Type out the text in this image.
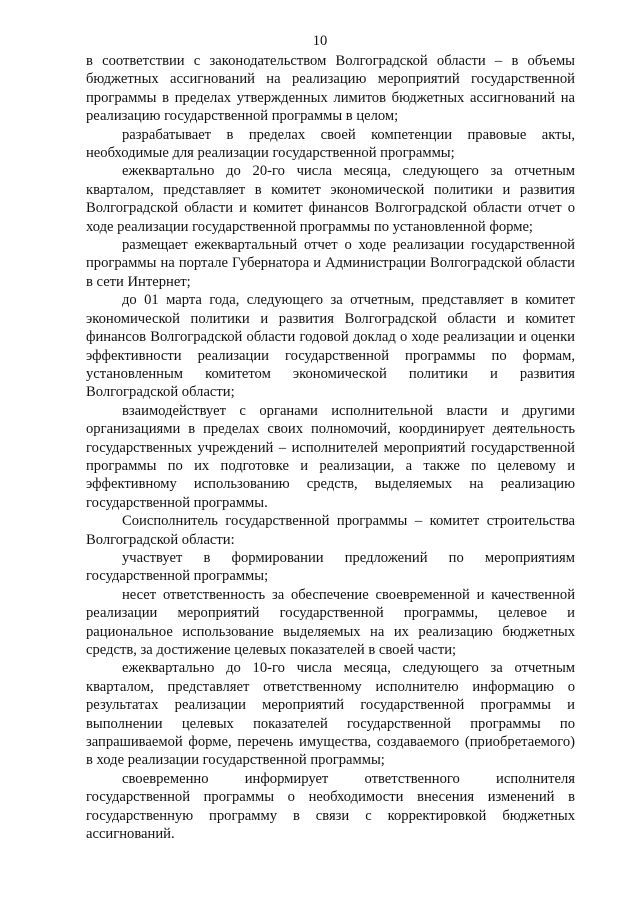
10

в соответствии с законодательством Волгоградской области – в объемы бюджетных ассигнований на реализацию мероприятий государственной программы в пределах утвержденных лимитов бюджетных ассигнований на реализацию государственной программы в целом;

разрабатывает в пределах своей компетенции правовые акты, необходимые для реализации государственной программы;

ежеквартально до 20-го числа месяца, следующего за отчетным кварталом, представляет в комитет экономической политики и развития Волгоградской области и комитет финансов Волгоградской области отчет о ходе реализации государственной программы по установленной форме;

размещает ежеквартальный отчет о ходе реализации государственной программы на портале Губернатора и Администрации Волгоградской области в сети Интернет;

до 01 марта года, следующего за отчетным, представляет в комитет экономической политики и развития Волгоградской области и комитет финансов Волгоградской области годовой доклад о ходе реализации и оценки эффективности реализации государственной программы по формам, установленным комитетом экономической политики и развития Волгоградской области;

взаимодействует с органами исполнительной власти и другими организациями в пределах своих полномочий, координирует деятельность государственных учреждений – исполнителей мероприятий государственной программы по их подготовке и реализации, а также по целевому и эффективному использованию средств, выделяемых на реализацию государственной программы.

Соисполнитель государственной программы – комитет строительства Волгоградской области:

участвует в формировании предложений по мероприятиям государственной программы;

несет ответственность за обеспечение своевременной и качественной реализации мероприятий государственной программы, целевое и рациональное использование выделяемых на их реализацию бюджетных средств, за достижение целевых показателей в своей части;

ежеквартально до 10-го числа месяца, следующего за отчетным кварталом, представляет ответственному исполнителю информацию о результатах реализации мероприятий государственной программы и выполнении целевых показателей государственной программы по запрашиваемой форме, перечень имущества, создаваемого (приобретаемого) в ходе реализации государственной программы;

своевременно информирует ответственного исполнителя государственной программы о необходимости внесения изменений в государственную программу в связи с корректировкой бюджетных ассигнований.
